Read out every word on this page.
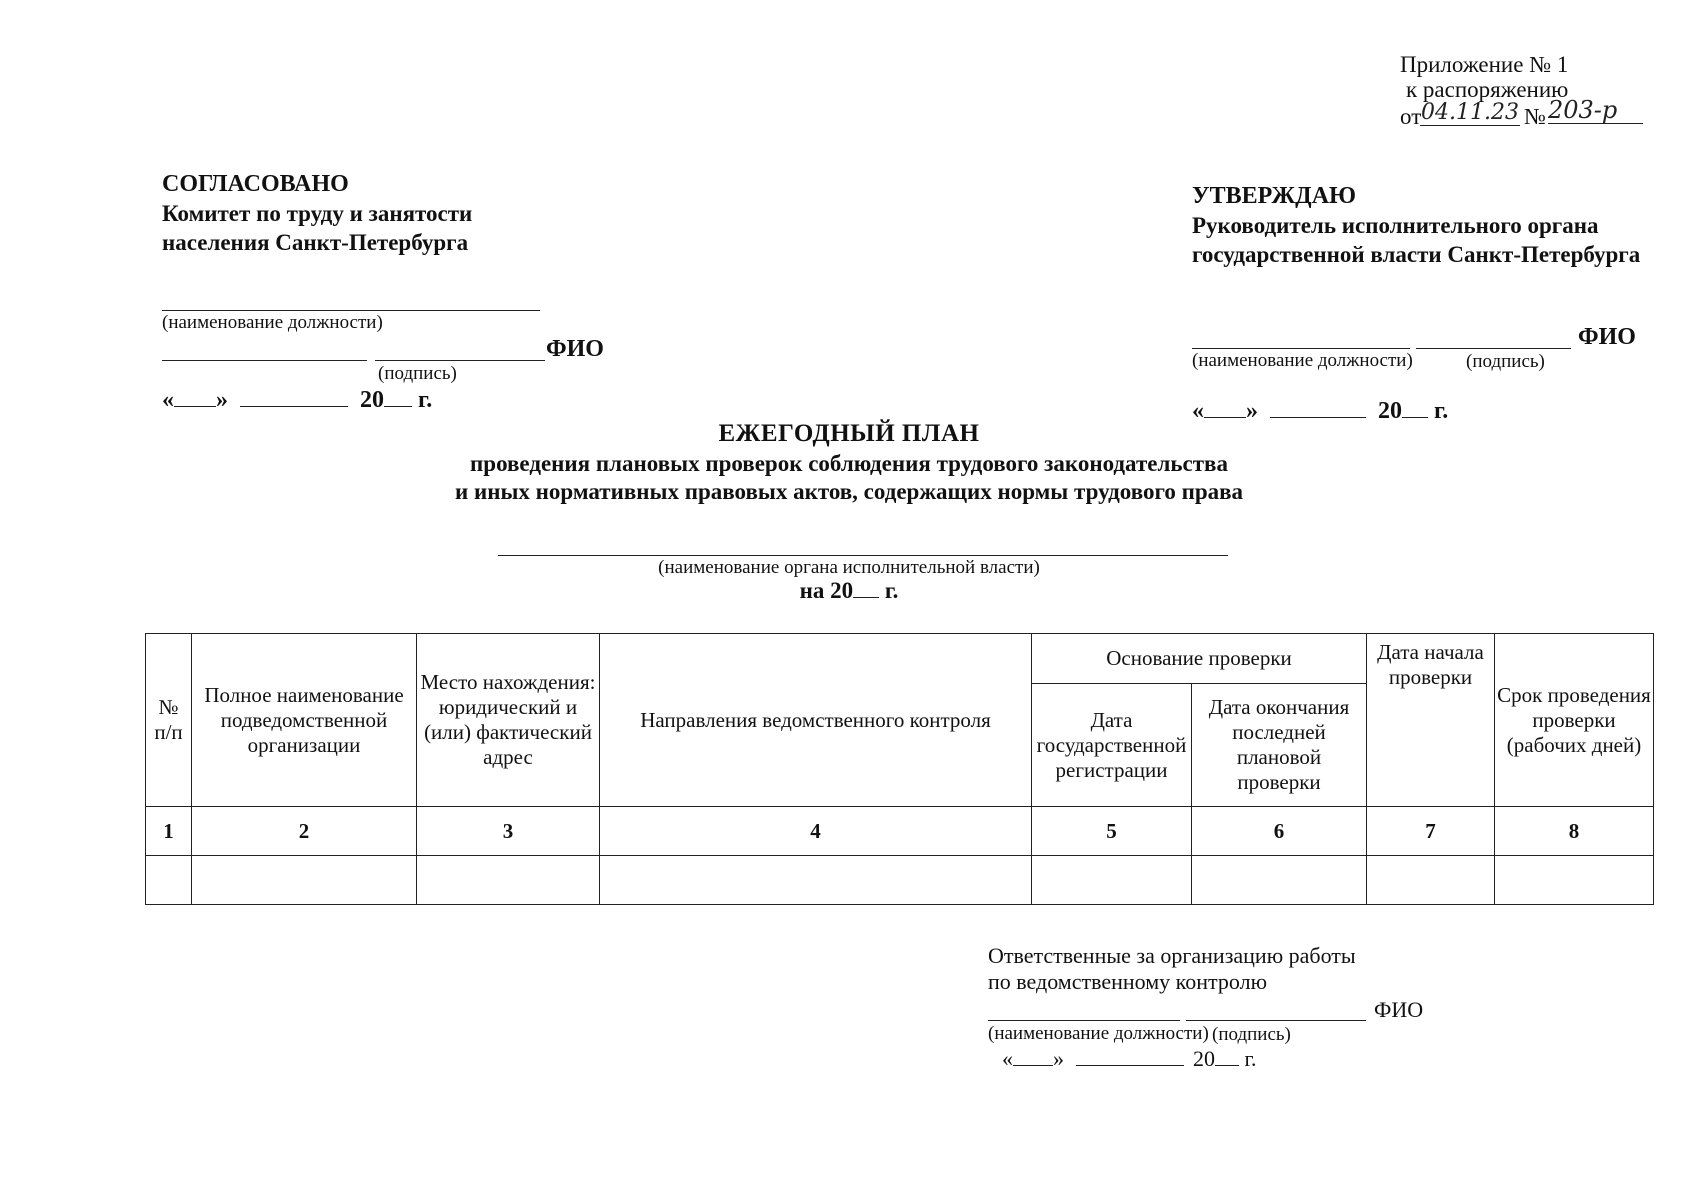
Приложение № 1
к распоряжению
от 04.11.23 № 203-р
СОГЛАСОВАНО
Комитет по труду и занятости
населения Санкт-Петербурга
(наименование должности)
ФИО
(подпись)
« »	20 г.
УТВЕРЖДАЮ
Руководитель исполнительного органа
государственной власти Санкт-Петербурга
ФИО
(наименование должности)	(подпись)
« »	20 г.
ЕЖЕГОДНЫЙ ПЛАН
проведения плановых проверок соблюдения трудового законодательства
и иных нормативных правовых актов, содержащих нормы трудового права
(наименование органа исполнительной власти)
на 20 г.
№ п/п	Полное наименование подведомственной организации	Место нахождения: юридический и (или) фактический адрес	Направления ведомственного контроля	Основание проверки		Дата начала проверки	Срок проведения проверки (рабочих дней)
				Дата государственной регистрации	Дата окончания последней плановой проверки		
1	2	3	4	5	6	7	8

Ответственные за организацию работы
по ведомственному контролю
ФИО
(наименование должности) (подпись)
« »	20 г.
